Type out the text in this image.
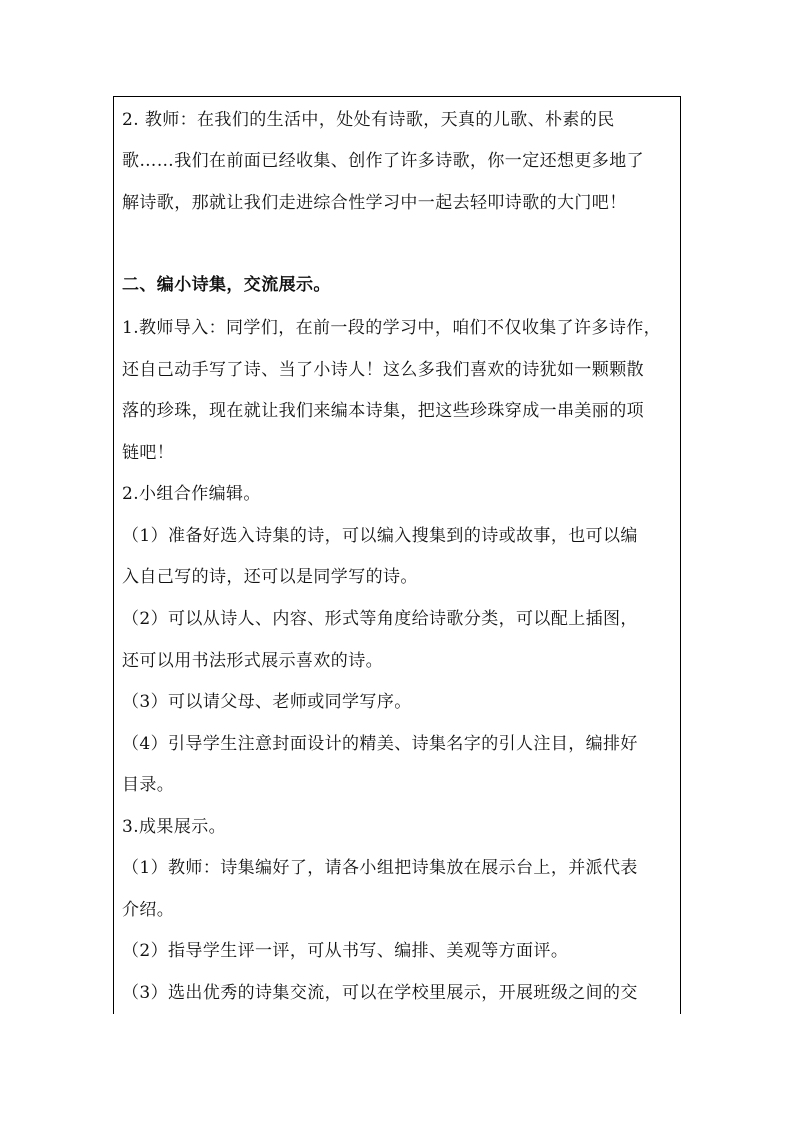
2. 教师：在我们的生活中，处处有诗歌，天真的儿歌、朴素的民
歌……我们在前面已经收集、创作了许多诗歌，你一定还想更多地了
解诗歌，那就让我们走进综合性学习中一起去轻叩诗歌的大门吧！
二、编小诗集，交流展示。
1.教师导入：同学们，在前一段的学习中，咱们不仅收集了许多诗作，
还自己动手写了诗、当了小诗人！这么多我们喜欢的诗犹如一颗颗散
落的珍珠，现在就让我们来编本诗集，把这些珍珠穿成一串美丽的项
链吧！
2.小组合作编辑。
（1）准备好选入诗集的诗，可以编入搜集到的诗或故事，也可以编
入自己写的诗，还可以是同学写的诗。
（2）可以从诗人、内容、形式等角度给诗歌分类，可以配上插图，
还可以用书法形式展示喜欢的诗。
（3）可以请父母、老师或同学写序。
（4）引导学生注意封面设计的精美、诗集名字的引人注目，编排好
目录。
3.成果展示。
（1）教师：诗集编好了，请各小组把诗集放在展示台上，并派代表
介绍。
（2）指导学生评一评，可从书写、编排、美观等方面评。
（3）选出优秀的诗集交流，可以在学校里展示，开展班级之间的交
